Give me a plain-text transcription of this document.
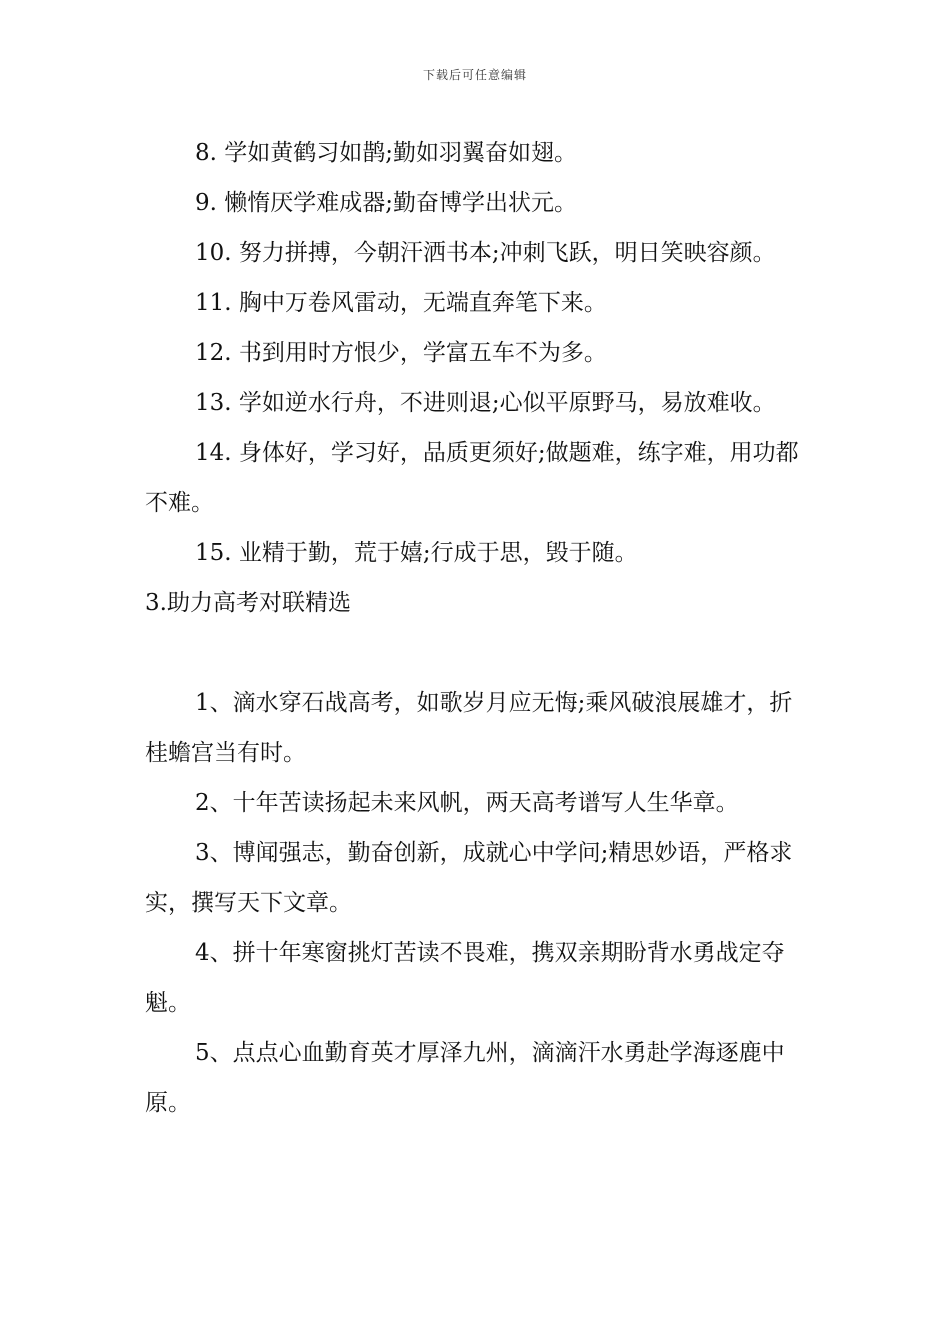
下载后可任意编辑

8. 学如黄鹤习如鹊;勤如羽翼奋如翅。

9. 懒惰厌学难成器;勤奋博学出状元。

10. 努力拼搏，今朝汗洒书本;冲刺飞跃，明日笑映容颜。

11. 胸中万卷风雷动，无端直奔笔下来。

12. 书到用时方恨少，学富五车不为多。

13. 学如逆水行舟，不进则退;心似平原野马，易放难收。

14. 身体好，学习好，品质更须好;做题难，练字难，用功都不难。

15. 业精于勤，荒于嬉;行成于思，毁于随。

3.助力高考对联精选

1、滴水穿石战高考，如歌岁月应无悔;乘风破浪展雄才，折桂蟾宫当有时。

2、十年苦读扬起未来风帆，两天高考谱写人生华章。

3、博闻强志，勤奋创新，成就心中学问;精思妙语，严格求实，撰写天下文章。

4、拼十年寒窗挑灯苦读不畏难，携双亲期盼背水勇战定夺魁。

5、点点心血勤育英才厚泽九州，滴滴汗水勇赴学海逐鹿中原。
